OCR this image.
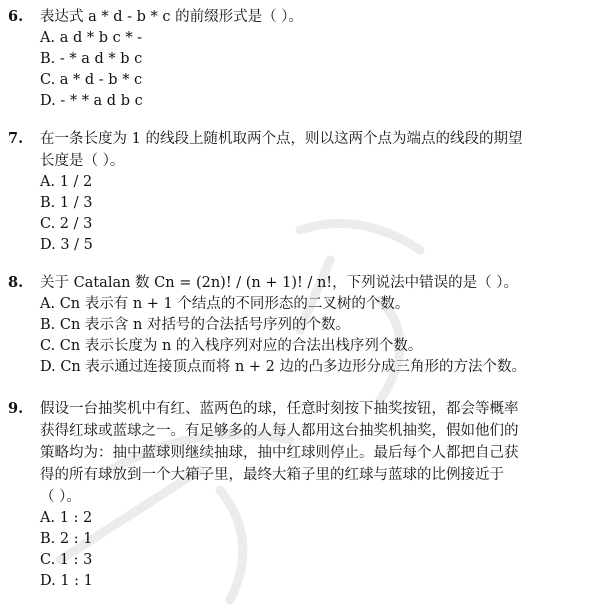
6.	表达式 a * d - b * c 的前缀形式是（ ）。
A. a d * b c * -
B. - * a d * b c
C. a * d - b * c
D. - * * a d b c
7.	在一条长度为 1 的线段上随机取两个点，则以这两个点为端点的线段的期望
长度是（ ）。
A. 1 / 2
B. 1 / 3
C. 2 / 3
D. 3 / 5
8.	关于 Catalan 数 Cn = (2n)! / (n + 1)! / n!，下列说法中错误的是（ ）。
A. Cn 表示有 n + 1 个结点的不同形态的二叉树的个数。
B. Cn 表示含 n 对括号的合法括号序列的个数。
C. Cn 表示长度为 n 的入栈序列对应的合法出栈序列个数。
D. Cn 表示通过连接顶点而将 n + 2 边的凸多边形分成三角形的方法个数。
9.	假设一台抽奖机中有红、蓝两色的球，任意时刻按下抽奖按钮，都会等概率
获得红球或蓝球之一。有足够多的人每人都用这台抽奖机抽奖，假如他们的
策略均为：抽中蓝球则继续抽球，抽中红球则停止。最后每个人都把自己获
得的所有球放到一个大箱子里，最终大箱子里的红球与蓝球的比例接近于
（ ）。
A. 1 : 2
B. 2 : 1
C. 1 : 3
D. 1 : 1
